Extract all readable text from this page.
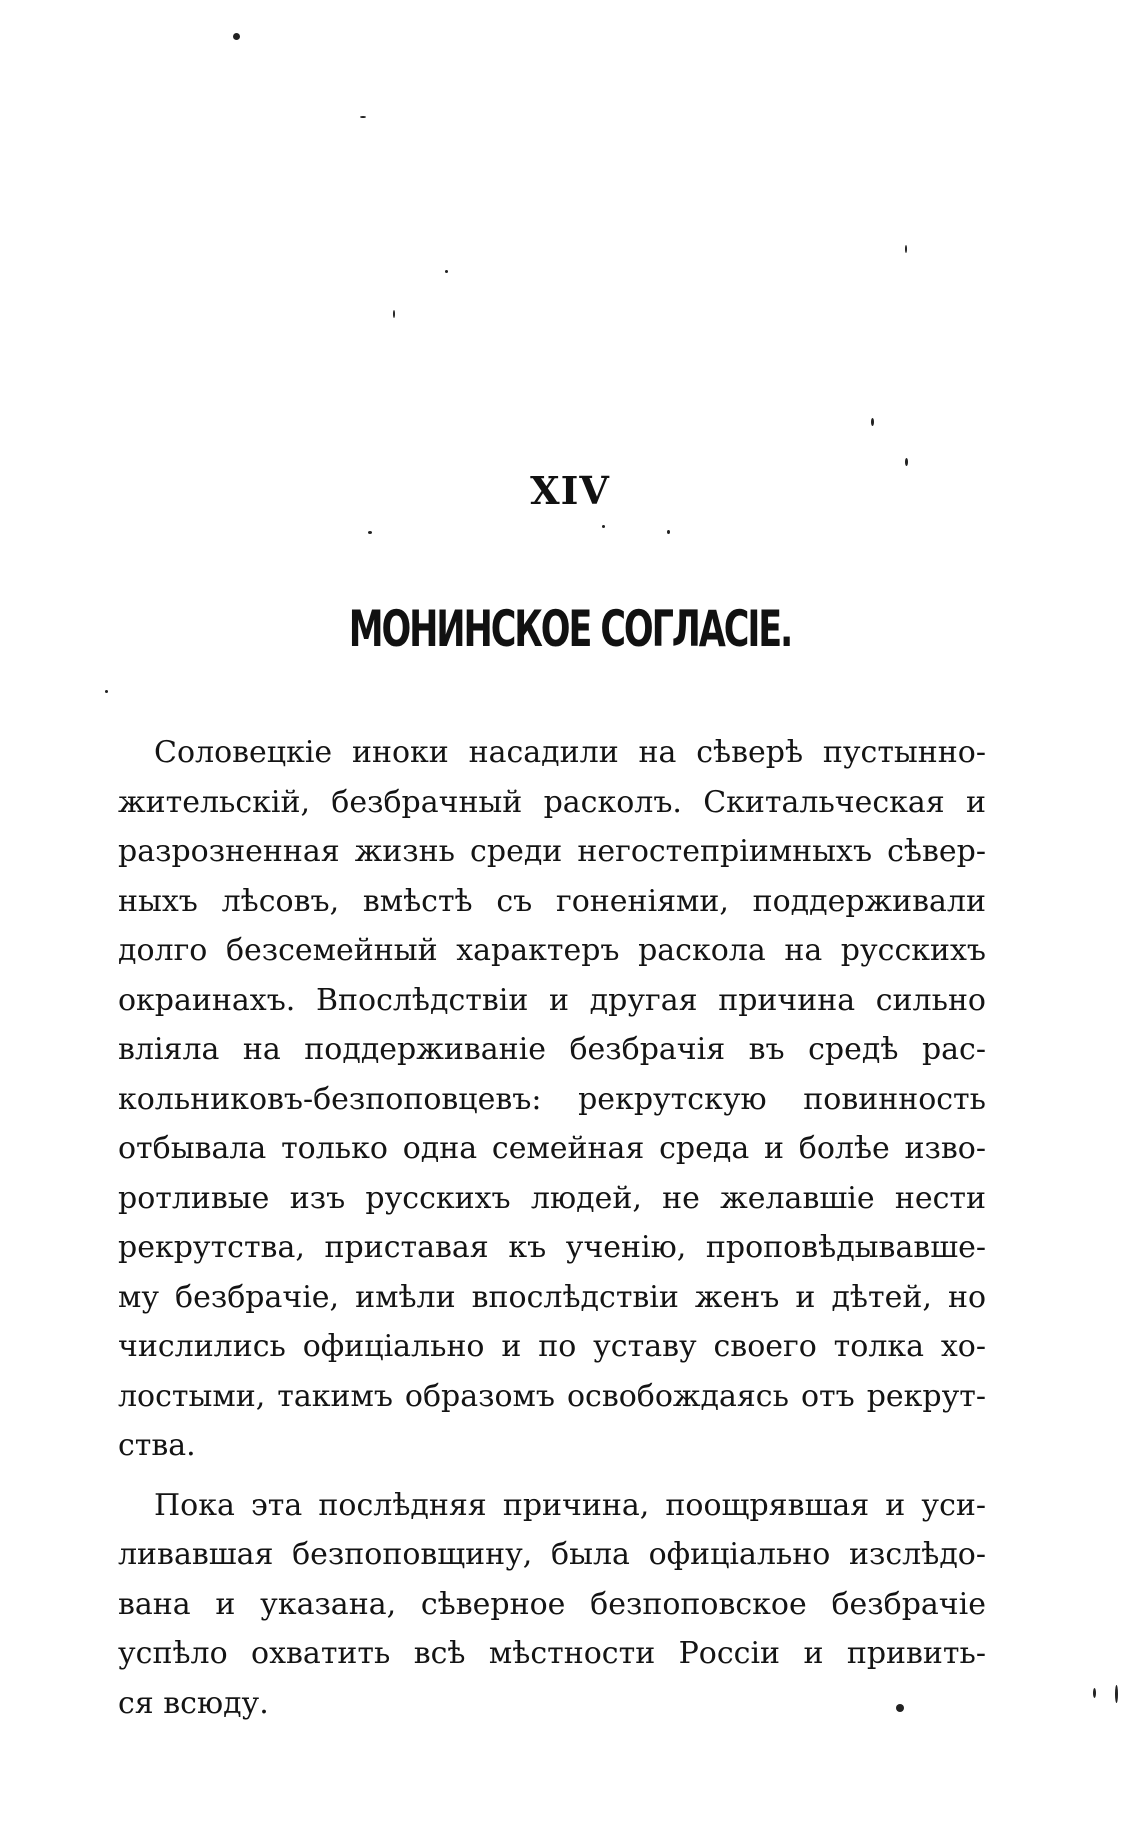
XIV
МОНИНСКОЕ СОГЛАСІЕ.
Соловецкіе иноки насадили на сѣверѣ пустынно-
жительскій, безбрачный расколъ. Скитальческая и
разрозненная жизнь среди негостепріимныхъ сѣвер-
ныхъ лѣсовъ, вмѣстѣ съ гоненіями, поддерживали
долго безсемейный характеръ раскола на русскихъ
окраинахъ. Впослѣдствіи и другая причина сильно
вліяла на поддерживаніе безбрачія въ средѣ рас-
кольниковъ-безпоповцевъ: рекрутскую повинность
отбывала только одна семейная среда и болѣе изво-
ротливые изъ русскихъ людей, не желавшіе нести
рекрутства, приставая къ ученію, проповѣдывавше-
му безбрачіе, имѣли впослѣдствіи женъ и дѣтей, но
числились офиціально и по уставу своего толка хо-
лостыми, такимъ образомъ освобождаясь отъ рекрут-
ства.
Пока эта послѣдняя причина, поощрявшая и уси-
ливавшая безпоповщину, была офиціально изслѣдо-
вана и указана, сѣверное безпоповское безбрачіе
успѣло охватить всѣ мѣстности Россіи и привить-
ся всюду.
